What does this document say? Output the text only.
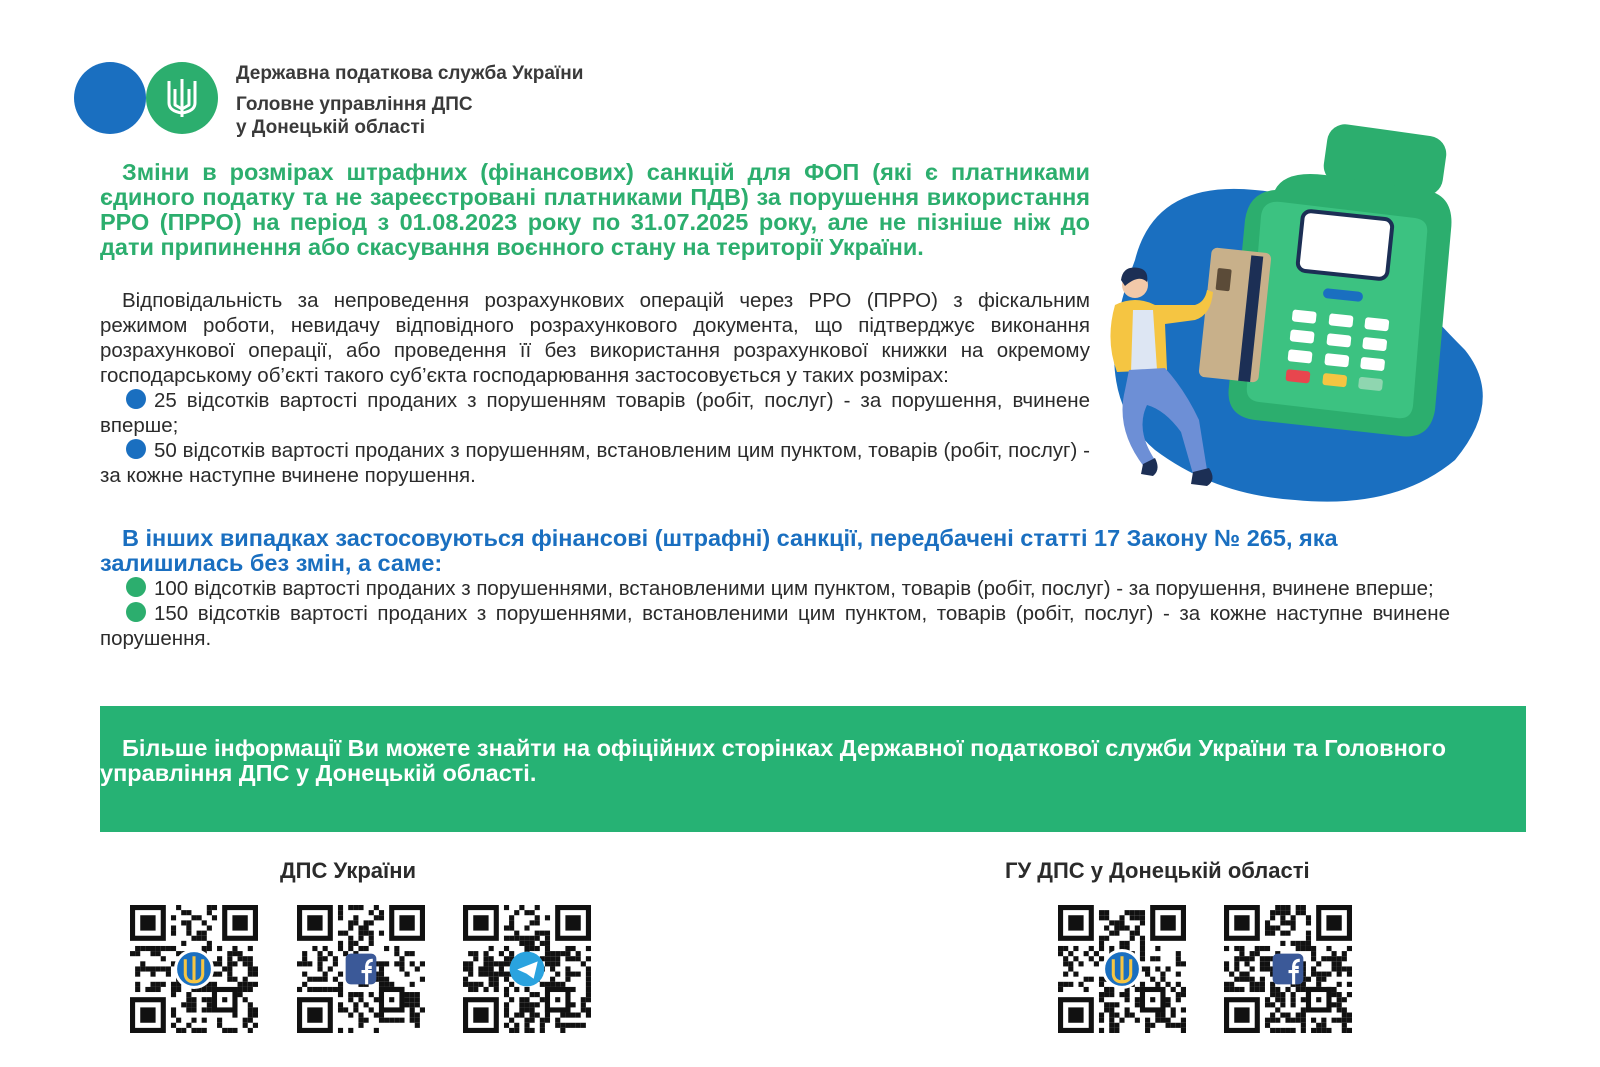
Державна податкова служба України
Головне управління ДПС
у Донецькій області
Зміни в розмірах штрафних (фінансових) санкцій для ФОП (які є платниками єдиного податку та не зареєстровані платниками ПДВ) за порушення використання РРО (ПРРО) на період з 01.08.2023 року по 31.07.2025 року, але не пізніше ніж до дати припинення або скасування воєнного стану на території України.
Відповідальність за непроведення розрахункових операцій через РРО (ПРРО) з фіскальним режимом роботи, невидачу відповідного розрахункового документа, що підтверджує виконання розрахункової операції, або проведення її без використання розрахункової книжки на окремому господарському об’єкті такого суб’єкта господарювання застосовується у таких розмірах:
25 відсотків вартості проданих з порушенням товарів (робіт, послуг) - за порушення, вчинене вперше;
50 відсотків вартості проданих з порушенням, встановленим цим пунктом, товарів (робіт, послуг) - за кожне наступне вчинене порушення.
В інших випадках застосовуються фінансові (штрафні) санкції, передбачені статті 17 Закону № 265, яка залишилась без змін, а саме:
100 відсотків вартості проданих з порушеннями, встановленими цим пунктом, товарів (робіт, послуг) - за порушення, вчинене вперше;
150 відсотків вартості проданих з порушеннями, встановленими цим пунктом, товарів (робіт, послуг) - за кожне наступне вчинене порушення.
Більше інформації Ви можете знайти на офіційних сторінках Державної податкової служби України та Головного управління ДПС у Донецькій області.
ДПС України	ГУ ДПС у Донецькій області
